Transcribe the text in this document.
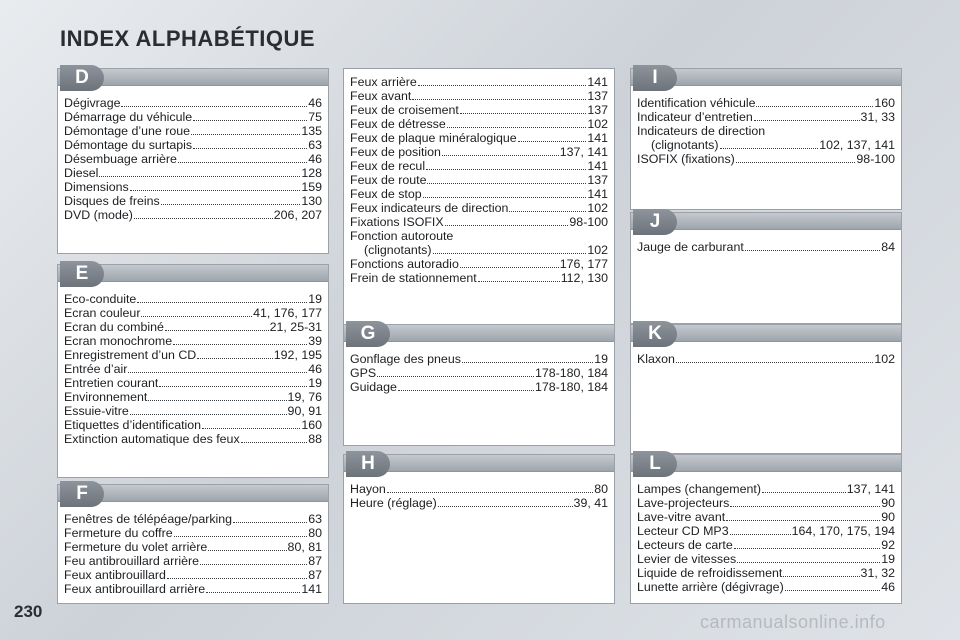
INDEX ALPHABÉTIQUE
D
Dégivrage	46
Démarrage du véhicule	75
Démontage d’une roue	135
Démontage du surtapis	63
Désembuage arrière	46
Diesel	128
Dimensions	159
Disques de freins	130
DVD (mode)	206, 207
E
Eco-conduite	19
Ecran couleur	41, 176, 177
Ecran du combiné	21, 25-31
Ecran monochrome	39
Enregistrement d’un CD	192, 195
Entrée d’air	46
Entretien courant	19
Environnement	19, 76
Essuie-vitre	90, 91
Etiquettes d’identification	160
Extinction automatique des feux	88
F
Fenêtres de télépéage/parking	63
Fermeture du coffre	80
Fermeture du volet arrière	80, 81
Feu antibrouillard arrière	87
Feux antibrouillard	87
Feux antibrouillard arrière	141
Feux arrière	141
Feux avant	137
Feux de croisement	137
Feux de détresse	102
Feux de plaque minéralogique	141
Feux de position	137, 141
Feux de recul	141
Feux de route	137
Feux de stop	141
Feux indicateurs de direction	102
Fixations ISOFIX	98-100
Fonction autoroute
(clignotants)	102
Fonctions autoradio	176, 177
Frein de stationnement	112, 130
G
Gonflage des pneus	19
GPS	178-180, 184
Guidage	178-180, 184
H
Hayon	80
Heure (réglage)	39, 41
I
Identification véhicule	160
Indicateur d’entretien	31, 33
Indicateurs de direction
(clignotants)	102, 137, 141
ISOFIX (fixations)	98-100
J
Jauge de carburant	84
K
Klaxon	102
L
Lampes (changement)	137, 141
Lave-projecteurs	90
Lave-vitre avant	90
Lecteur CD MP3	164, 170, 175, 194
Lecteurs de carte	92
Levier de vitesses	19
Liquide de refroidissement	31, 32
Lunette arrière (dégivrage)	46
230
carmanualsonline.info
